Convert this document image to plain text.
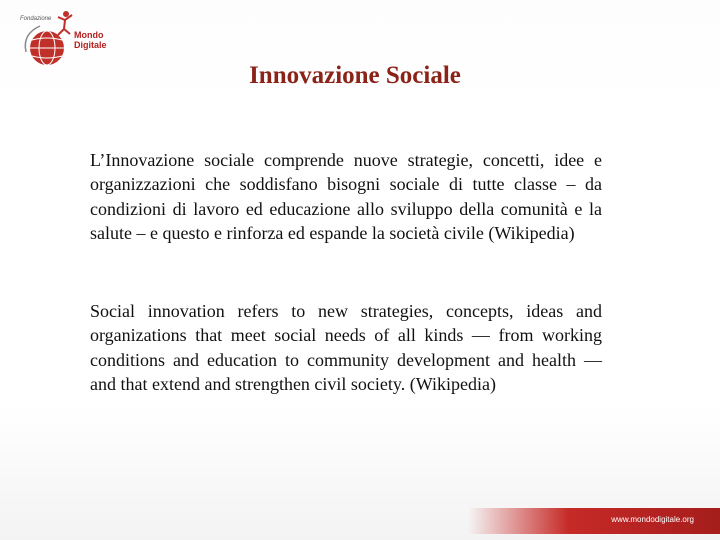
Fondazione
Mondo Digitale
Innovazione Sociale
L’Innovazione sociale comprende nuove strategie, concetti, idee e organizzazioni che soddisfano bisogni sociale di tutte classe – da condizioni di lavoro ed educazione allo sviluppo della comunità e la salute – e questo e rinforza ed espande la società civile (Wikipedia)
Social innovation refers to new strategies, concepts, ideas and organizations that meet social needs of all kinds — from working conditions and education to community development and health — and that extend and strengthen civil society. (Wikipedia)
www.mondodigitale.org
